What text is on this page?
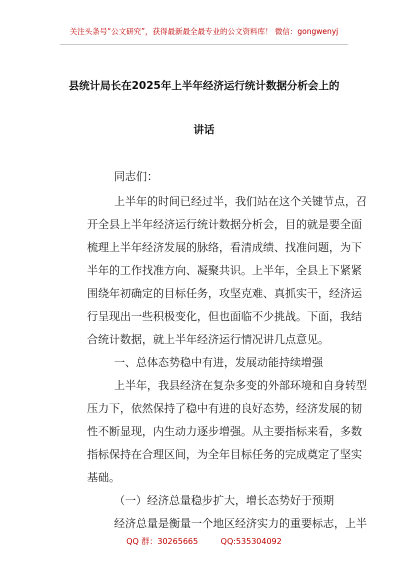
关注头条号“公文研究”，获得最新最全最专业的公文资料库！ 微信：gongwenyj
县统计局长在2025年上半年经济运行统计数据分析会上的
讲话
同志们：
上半年的时间已经过半，我们站在这个关键节点，召
开全县上半年经济运行统计数据分析会，目的就是要全面
梳理上半年经济发展的脉络，看清成绩、找准问题，为下
半年的工作找准方向、凝聚共识。上半年，全县上下紧紧
围绕年初确定的目标任务，攻坚克难、真抓实干，经济运
行呈现出一些积极变化，但也面临不少挑战。下面，我结
合统计数据，就上半年经济运行情况讲几点意见。
一、总体态势稳中有进，发展动能持续增强
上半年，我县经济在复杂多变的外部环境和自身转型
压力下，依然保持了稳中有进的良好态势，经济发展的韧
性不断显现，内生动力逐步增强。从主要指标来看，多数
指标保持在合理区间，为全年目标任务的完成奠定了坚实
基础。
（一）经济总量稳步扩大，增长态势好于预期
经济总量是衡量一个地区经济实力的重要标志，上半
QQ 群：30265665	QQ:535304092
